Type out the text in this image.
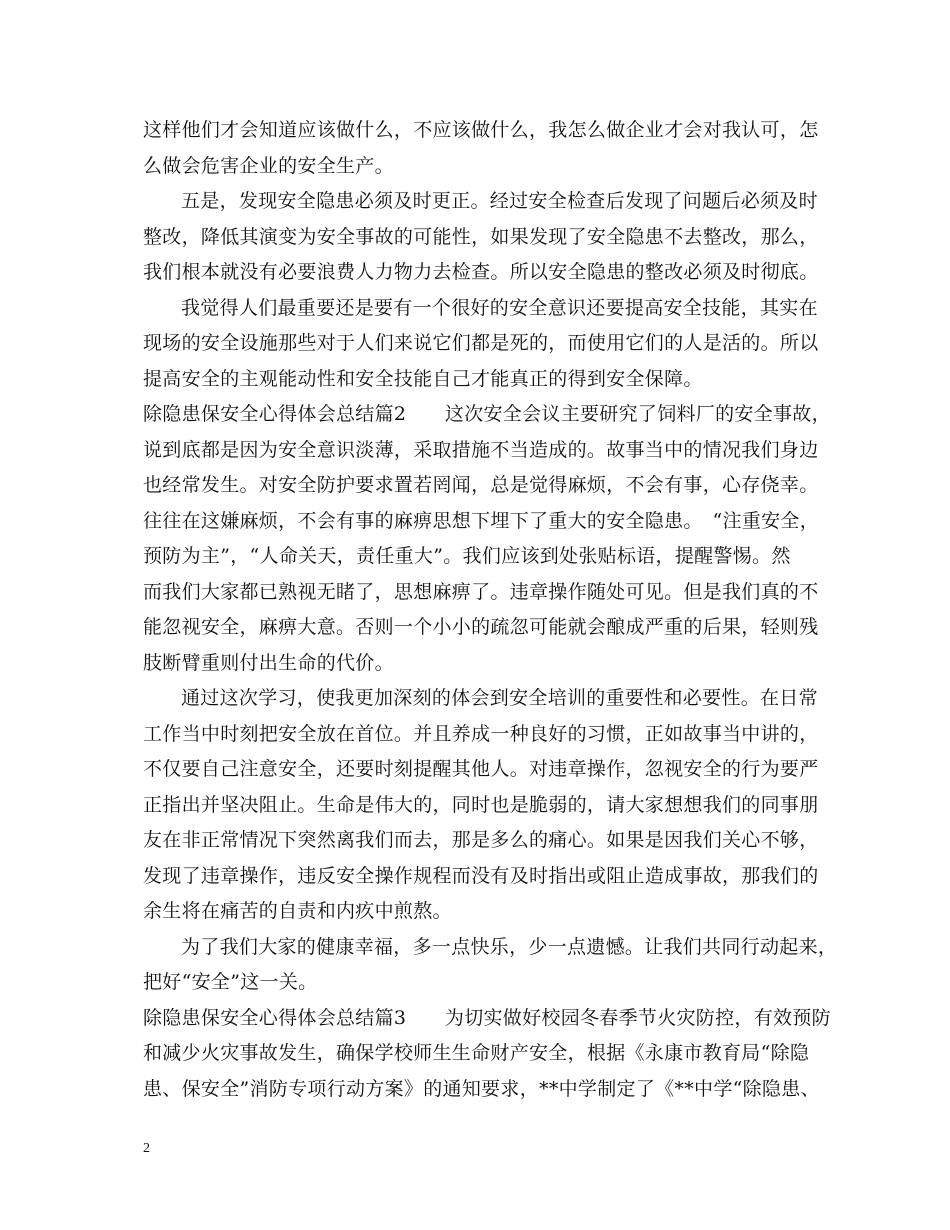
这样他们才会知道应该做什么，不应该做什么，我怎么做企业才会对我认可，怎
么做会危害企业的安全生产。
五是，发现安全隐患必须及时更正。经过安全检查后发现了问题后必须及时
整改，降低其演变为安全事故的可能性，如果发现了安全隐患不去整改，那么，
我们根本就没有必要浪费人力物力去检查。所以安全隐患的整改必须及时彻底。
我觉得人们最重要还是要有一个很好的安全意识还要提高安全技能，其实在
现场的安全设施那些对于人们来说它们都是死的，而使用它们的人是活的。所以
提高安全的主观能动性和安全技能自己才能真正的得到安全保障。
除隐患保安全心得体会总结篇2　　这次安全会议主要研究了饲料厂的安全事故，
说到底都是因为安全意识淡薄，采取措施不当造成的。故事当中的情况我们身边
也经常发生。对安全防护要求置若罔闻，总是觉得麻烦，不会有事，心存侥幸。
往往在这嫌麻烦，不会有事的麻痹思想下埋下了重大的安全隐患。　“注重安全，
预防为主”，“人命关天，责任重大”。我们应该到处张贴标语，提醒警惕。然
而我们大家都已熟视无睹了，思想麻痹了。违章操作随处可见。但是我们真的不
能忽视安全，麻痹大意。否则一个小小的疏忽可能就会酿成严重的后果，轻则残
肢断臂重则付出生命的代价。
通过这次学习，使我更加深刻的体会到安全培训的重要性和必要性。在日常
工作当中时刻把安全放在首位。并且养成一种良好的习惯，正如故事当中讲的，
不仅要自己注意安全，还要时刻提醒其他人。对违章操作，忽视安全的行为要严
正指出并坚决阻止。生命是伟大的，同时也是脆弱的，请大家想想我们的同事朋
友在非正常情况下突然离我们而去，那是多么的痛心。如果是因我们关心不够，
发现了违章操作，违反安全操作规程而没有及时指出或阻止造成事故，那我们的
余生将在痛苦的自责和内疚中煎熬。
为了我们大家的健康幸福，多一点快乐，少一点遗憾。让我们共同行动起来，
把好“安全”这一关。
除隐患保安全心得体会总结篇3　　为切实做好校园冬春季节火灾防控，有效预防
和减少火灾事故发生，确保学校师生生命财产安全，根据《永康市教育局“除隐
患、保安全”消防专项行动方案》的通知要求，**中学制定了《**中学“除隐患、
2
